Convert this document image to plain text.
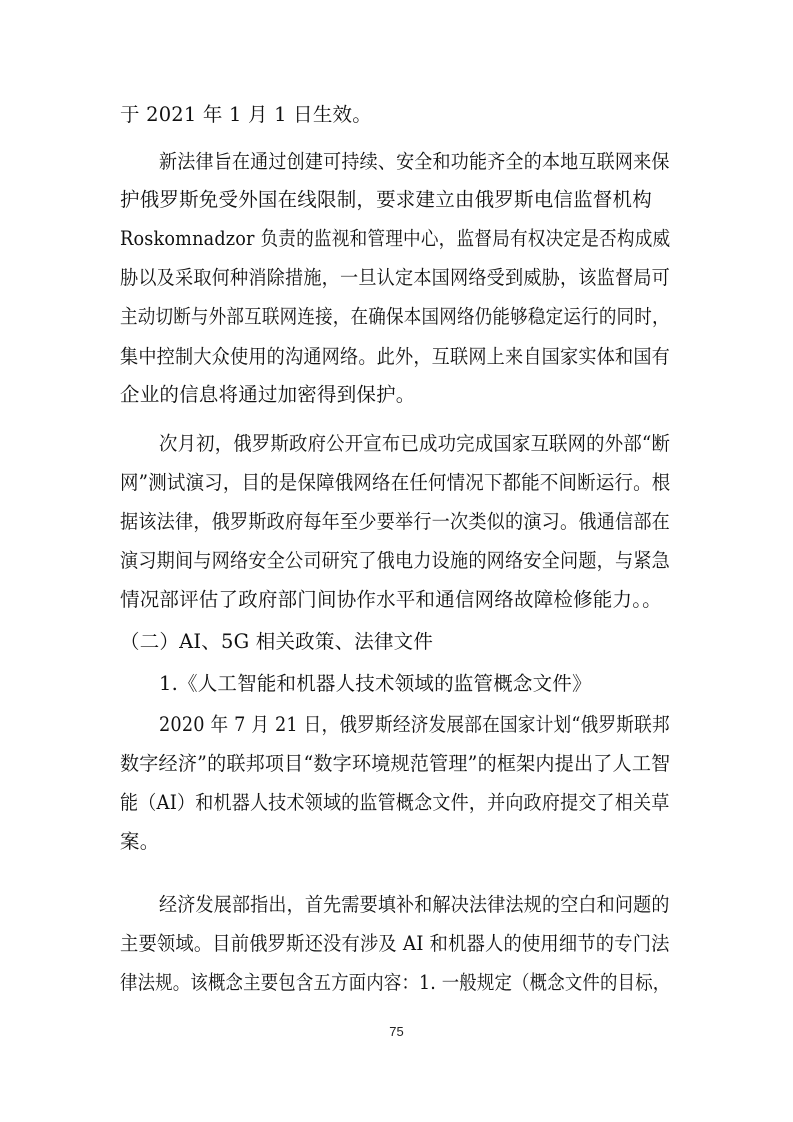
于 2021 年 1 月 1 日生效。
新法律旨在通过创建可持续、安全和功能齐全的本地互联网来保
护俄罗斯免受外国在线限制，要求建立由俄罗斯电信监督机构
Roskomnadzor 负责的监视和管理中心，监督局有权决定是否构成威
胁以及采取何种消除措施，一旦认定本国网络受到威胁，该监督局可
主动切断与外部互联网连接，在确保本国网络仍能够稳定运行的同时，
集中控制大众使用的沟通网络。此外，互联网上来自国家实体和国有
企业的信息将通过加密得到保护。
次月初，俄罗斯政府公开宣布已成功完成国家互联网的外部“断
网”测试演习，目的是保障俄网络在任何情况下都能不间断运行。根
据该法律，俄罗斯政府每年至少要举行一次类似的演习。俄通信部在
演习期间与网络安全公司研究了俄电力设施的网络安全问题，与紧急
情况部评估了政府部门间协作水平和通信网络故障检修能力。。
（二）AI、5G 相关政策、法律文件
1.《人工智能和机器人技术领域的监管概念文件》
2020 年 7 月 21 日，俄罗斯经济发展部在国家计划“俄罗斯联邦
数字经济”的联邦项目“数字环境规范管理”的框架内提出了人工智
能（AI）和机器人技术领域的监管概念文件，并向政府提交了相关草
案。
经济发展部指出，首先需要填补和解决法律法规的空白和问题的
主要领域。目前俄罗斯还没有涉及 AI 和机器人的使用细节的专门法
律法规。该概念主要包含五方面内容：1. 一般规定（概念文件的目标，
75
